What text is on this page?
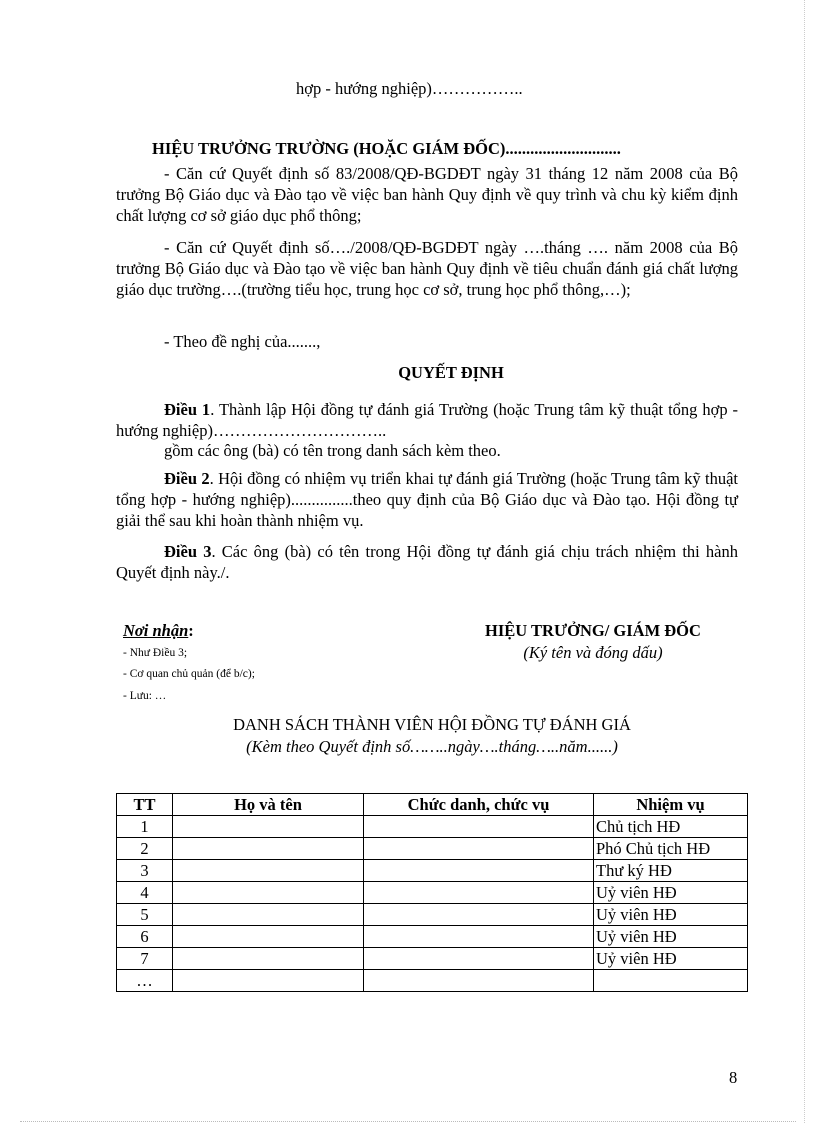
hợp - hướng nghiệp)……………..
HIỆU TRƯỞNG TRƯỜNG (HOẶC GIÁM ĐỐC)............................
- Căn cứ Quyết định số 83/2008/QĐ-BGDĐT ngày 31 tháng 12 năm 2008 của Bộ trưởng Bộ Giáo dục và Đào tạo về việc ban hành Quy định về quy trình và chu kỳ kiểm định chất lượng cơ sở giáo dục phổ thông;
- Căn cứ Quyết định số…./2008/QĐ-BGDĐT ngày ….tháng …. năm 2008 của Bộ trưởng Bộ Giáo dục và Đào tạo về việc ban hành Quy định về tiêu chuẩn đánh giá chất lượng giáo dục trường….(trường tiểu học, trung học cơ sở, trung học phổ thông,…);
- Theo đề nghị của.......,
QUYẾT ĐỊNH
Điều 1. Thành lập Hội đồng tự đánh giá Trường (hoặc Trung tâm kỹ thuật tổng hợp - hướng nghiệp)…………………………..
gồm các ông (bà) có tên trong danh sách kèm theo.
Điều 2. Hội đồng có nhiệm vụ triển khai tự đánh giá Trường (hoặc Trung tâm kỹ thuật tổng hợp - hướng nghiệp)...............theo quy định của Bộ Giáo dục và Đào tạo. Hội đồng tự giải thể sau khi hoàn thành nhiệm vụ.
Điều 3. Các ông (bà) có tên trong Hội đồng tự đánh giá chịu trách nhiệm thi hành Quyết định này./.
Nơi nhận:
- Như Điều 3;
- Cơ quan chủ quản (để b/c);
- Lưu: …
HIỆU TRƯỞNG/ GIÁM ĐỐC
(Ký tên và đóng dấu)
DANH SÁCH THÀNH VIÊN HỘI ĐỒNG TỰ ĐÁNH GIÁ
(Kèm theo Quyết định số……..ngày….tháng…..năm......)
TT	Họ và tên	Chức danh, chức vụ	Nhiệm vụ
1			Chủ tịch HĐ
2			Phó Chủ tịch HĐ
3			Thư ký HĐ
4			Uỷ viên HĐ
5			Uỷ viên HĐ
6			Uỷ viên HĐ
7			Uỷ viên HĐ
…			
8
